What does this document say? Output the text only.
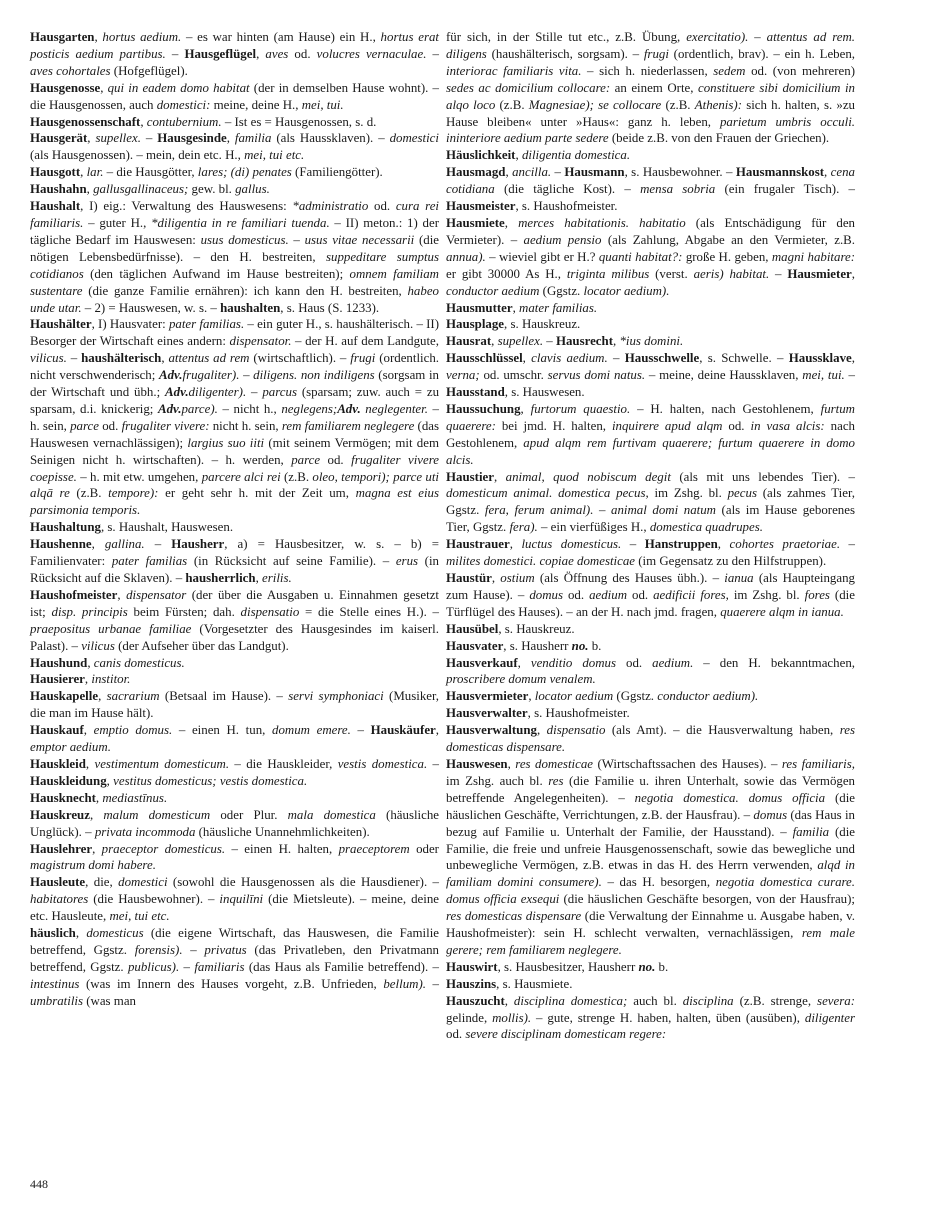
Hausgarten, hortus aedium. – es war hinten (am Hause) ein H., hortus erat posticis aedium partibus. – Hausgeflügel, aves od. volucres vernaculae. – aves cohortales (Hofgeflügel).

Hausgenosse, qui in eadem domo habitat (der in demselben Hause wohnt). – die Hausgenossen, auch domestici: meine, deine H., mei, tui.

Hausgenossenschaft, contubernium. – Ist es = Hausgenossen, s. d.

Hausgerät, supellex. – Hausgesinde, familia (als Haussklaven). – domestici (als Hausgenossen). – mein, dein etc. H., mei, tui etc.

Hausgott, lar. – die Hausgötter, lares; (di) penates (Familiengötter).

Haushahn, gallusgallinaceus; gew. bl. gallus.

Haushalt, I) eig.: Verwaltung des Hauswesens: *administratio od. cura rei familiaris. – guter H., *diligentia in re familiari tuenda. – II) meton.: 1) der tägliche Bedarf im Hauswesen: usus domesticus. – usus vitae necessarii (die nötigen Lebensbedürfnisse). – den H. bestreiten, suppeditare sumptus cotidianos (den täglichen Aufwand im Hause bestreiten); omnem familiam sustentare (die ganze Familie ernähren): ich kann den H. bestreiten, habeo unde utar. – 2) = Hauswesen, w. s. – haushalten, s. Haus (S. 1233).

Haushälter, I) Hausvater: pater familias. – ein guter H., s. haushälterisch. – II) Besorger der Wirtschaft eines andern: dispensator. – der H. auf dem Landgute, vilicus. – haushälterisch, attentus ad rem (wirtschaftlich). – frugi (ordentlich. nicht verschwenderisch; Adv.frugaliter). – diligens. non indiligens (sorgsam in der Wirtschaft und übh.; Adv.diligenter). – parcus (sparsam; zuw. auch = zu sparsam, d.i. knickerig; Adv.parce). – nicht h., neglegens;Adv. neglegenter. – h. sein, parce od. frugaliter vivere: nicht h. sein, rem familiarem neglegere (das Hauswesen vernachlässigen); largius suo iiti (mit seinem Vermögen; mit dem Seinigen nicht h. wirtschaften). – h. werden, parce od. frugaliter vivere coepisse. – h. mit etw. umgehen, parcere alci rei (z.B. oleo, tempori); parce uti alqā re (z.B. tempore): er geht sehr h. mit der Zeit um, magna est eius parsimonia temporis.

Haushaltung, s. Haushalt, Hauswesen.

Haushenne, gallina. – Hausherr, a) = Hausbesitzer, w. s. – b) = Familienvater: pater familias (in Rücksicht auf seine Familie). – erus (in Rücksicht auf die Sklaven). – hausherrlich, erilis.

Haushofmeister, dispensator (der über die Ausgaben u. Einnahmen gesetzt ist; disp. principis beim Fürsten; dah. dispensatio = die Stelle eines H.). – praepositus urbanae familiae (Vorgesetzter des Hausgesindes im kaiserl. Palast). – vilicus (der Aufseher über das Landgut).

Haushund, canis domesticus.

Hausierer, institor.

Hauskapelle, sacrarium (Betsaal im Hause). – servi symphoniaci (Musiker, die man im Hause hält).

Hauskauf, emptio domus. – einen H. tun, domum emere. – Hauskäufer, emptor aedium.

Hauskleid, vestimentum domesticum. – die Hauskleider, vestis domestica. – Hauskleidung, vestitus domesticus; vestis domestica.

Hausknecht, mediastīnus.

Hauskreuz, malum domesticum oder Plur. mala domestica (häusliche Unglück). – privata incommoda (häusliche Unannehmlichkeiten).

Hauslehrer, praeceptor domesticus. – einen H. halten, praeceptorem oder magistrum domi habere.

Hausleute, die, domestici (sowohl die Hausgenossen als die Hausdiener). – habitatores (die Hausbewohner). – inquilīni (die Mietsleute). – meine, deine etc. Hausleute, mei, tui etc.

häuslich, domesticus (die eigene Wirtschaft, das Hauswesen, die Familie betreffend, Ggstz. forensis). – privatus (das Privatleben, den Privatmann betreffend, Ggstz. publicus). – familiaris (das Haus als Familie betreffend). – intestinus (was im Innern des Hauses vorgeht, z.B. Unfrieden, bellum). – umbratilis (was man

für sich, in der Stille tut etc., z.B. Übung, exercitatio). – attentus ad rem. diligens (haushälterisch, sorgsam). – frugi (ordentlich, brav). – ein h. Leben, interiorac familiaris vita. – sich h. niederlassen, sedem od. (von mehreren) sedes ac domicilium collocare: an einem Orte, constituere sibi domicilium in alqo loco (z.B. Magnesiae); se collocare (z.B. Athenis): sich h. halten, s. »zu Hause bleiben« unter »Haus«: ganz h. leben, parietum umbris occuli. ininteriore aedium parte sedere (beide z.B. von den Frauen der Griechen).

Häuslichkeit, diligentia domestica.

Hausmagd, ancilla. – Hausmann, s. Hausbewohner. – Hausmannskost, cena cotidiana (die tägliche Kost). – mensa sobria (ein frugaler Tisch). – Hausmeister, s. Haushofmeister.

Hausmiete, merces habitationis. habitatio (als Entschädigung für den Vermieter). – aedium pensio (als Zahlung, Abgabe an den Vermieter, z.B. annua). – wieviel gibt er H.? quanti habitat?: große H. geben, magni habitare: er gibt 30000 As H., triginta milibus (verst. aeris) habitat. – Hausmieter, conductor aedium (Ggstz. locator aedium).

Hausmutter, mater familias.

Hausplage, s. Hauskreuz.

Hausrat, supellex. – Hausrecht, *ius domini.

Hausschlüssel, clavis aedium. – Hausschwelle, s. Schwelle. – Haussklave, verna; od. umschr. servus domi natus. – meine, deine Haussklaven, mei, tui. – Hausstand, s. Hauswesen.

Haussuchung, furtorum quaestio. – H. halten, nach Gestohlenem, furtum quaerere: bei jmd. H. halten, inquirere apud alqm od. in vasa alcis: nach Gestohlenem, apud alqm rem furtivam quaerere; furtum quaerere in domo alcis.

Haustier, animal, quod nobiscum degit (als mit uns lebendes Tier). – domesticum animal. domestica pecus, im Zshg. bl. pecus (als zahmes Tier, Ggstz. fera, ferum animal). – animal domi natum (als im Hause geborenes Tier, Ggstz. fera). – ein vierfüßiges H., domestica quadrupes.

Haustrauer, luctus domesticus. – Hanstruppen, cohortes praetoriae. – milites domestici. copiae domesticae (im Gegensatz zu den Hilfstruppen).

Haustür, ostium (als Öffnung des Hauses übh.). – ianua (als Haupteingang zum Hause). – domus od. aedium od. aedificii fores, im Zshg. bl. fores (die Türflügel des Hauses). – an der H. nach jmd. fragen, quaerere alqm in ianua.

Hausübel, s. Hauskreuz.

Hausvater, s. Hausherr no. b.

Hausverkauf, venditio domus od. aedium. – den H. bekanntmachen, proscribere domum venalem.

Hausvermieter, locator aedium (Ggstz. conductor aedium).

Hausverwalter, s. Haushofmeister.

Hausverwaltung, dispensatio (als Amt). – die Hausverwaltung haben, res domesticas dispensare.

Hauswesen, res domesticae (Wirtschaftssachen des Hauses). – res familiaris, im Zshg. auch bl. res (die Familie u. ihren Unterhalt, sowie das Vermögen betreffende Angelegenheiten). – negotia domestica. domus officia (die häuslichen Geschäfte, Verrichtungen, z.B. der Hausfrau). – domus (das Haus in bezug auf Familie u. Unterhalt der Familie, der Hausstand). – familia (die Familie, die freie und unfreie Hausgenossenschaft, sowie das bewegliche und unbewegliche Vermögen, z.B. etwas in das H. des Herrn verwenden, alqd in familiam domini consumere). – das H. besorgen, negotia domestica curare. domus officia exsequi (die häuslichen Geschäfte besorgen, von der Hausfrau); res domesticas dispensare (die Verwaltung der Einnahme u. Ausgabe haben, v. Haushofmeister): sein H. schlecht verwalten, vernachlässigen, rem male gerere; rem familiarem neglegere.

Hauswirt, s. Hausbesitzer, Hausherr no. b.

Hauszins, s. Hausmiete.

Hauszucht, disciplina domestica; auch bl. disciplina (z.B. strenge, severa: gelinde, mollis). – gute, strenge H. haben, halten, üben (ausüben), diligenter od. severe disciplinam domesticam regere:

448
